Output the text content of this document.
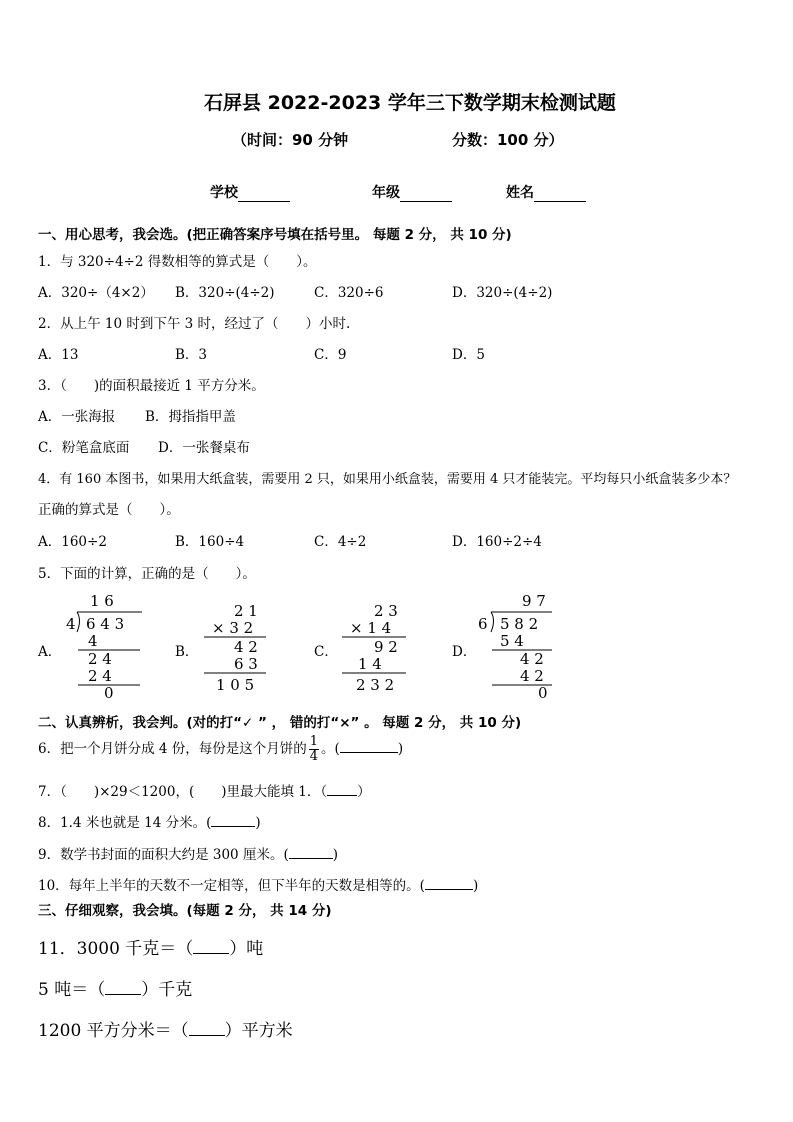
石屏县 2022-2023 学年三下数学期末检测试题
（时间：90 分钟	分数：100 分）
学校	年级	姓名
一、用心思考，我会选。(把正确答案序号填在括号里。 每题 2 分， 共 10 分)
1．与 320÷4÷2 得数相等的算式是（　　）。
A．320÷（4×2） B．320÷(4÷2)	C．320÷6	D．320÷(4÷2)
2．从上午 10 时到下午 3 时，经过了（　　）小时.
A．13	B．3	C．9	D．5
3．（　　)的面积最接近 1 平方分米。
A．一张海报 B．拇指指甲盖
C．粉笔盒底面 D．一张餐桌布
4．有 160 本图书，如果用大纸盒装，需要用 2 只，如果用小纸盒装，需要用 4 只才能装完。平均每只小纸盒装多少本？
正确的算式是（　　）。
A．160÷2	B．160÷4	C．4÷2	D．160÷2÷4
5．下面的计算，正确的是（　　）。
A．
1 6
4 6 4 3
4
2 4
2 4
0
B．
2 1
× 3 2
4 2
6 3
1 0 5
C．
2 3
× 1 4
9 2
1 4
2 3 2
D．
9 7
6 5 8 2
5 4
4 2
4 2
0
二、认真辨析，我会判。(对的打“✓ ” ， 错的打“×” 。 每题 2 分， 共 10 分)
6．把一个月饼分成 4 份，每份是这个月饼的 $\frac{1}{4}$ 。(	)
7．（　　)×29＜1200，(　　)里最大能填 1．（ ）
8．1.4 米也就是 14 分米。(	)
9．数学书封面的面积大约是 300 厘米。(	)
10．每年上半年的天数不一定相等，但下半年的天数是相等的。(	)
三、仔细观察，我会填。(每题 2 分， 共 14 分)
11．3000 千克＝（ ）吨
5 吨＝（ ）千克
1200 平方分米＝（ ）平方米
